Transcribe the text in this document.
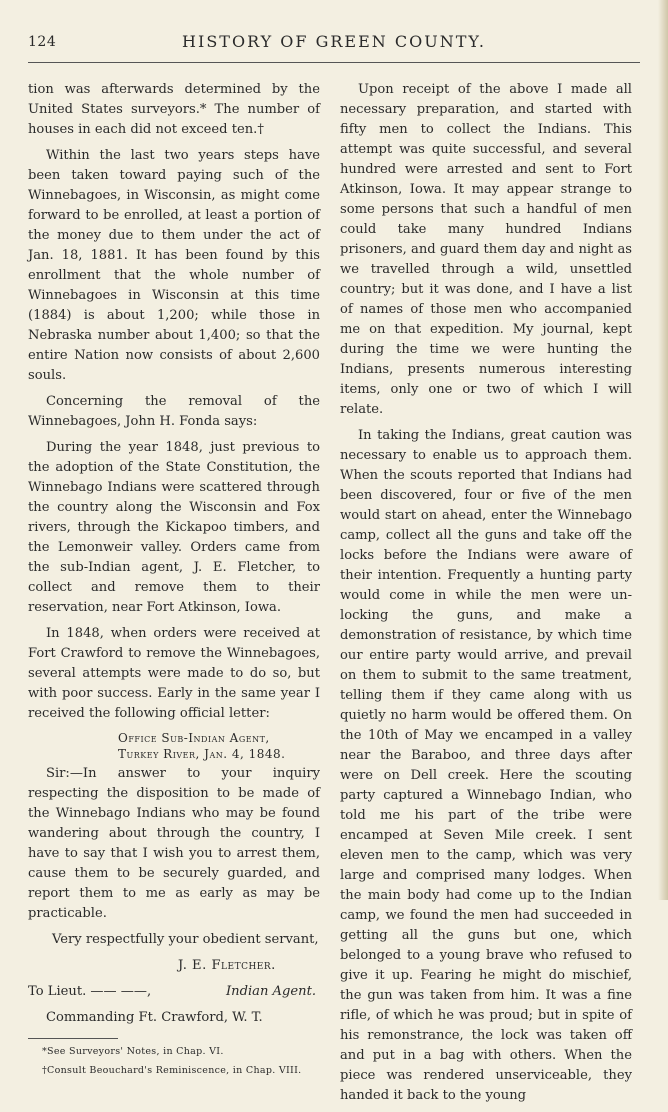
124	HISTORY OF GREEN COUNTY.

tion was afterwards determined by the United States surveyors.* The number of houses in each did not exceed ten.†

Within the last two years steps have been taken toward paying such of the Winnebagoes, in Wisconsin, as might come forward to be enrolled, at least a portion of the money due to them under the act of Jan. 18, 1881. It has been found by this enrollment that the whole number of Winnebagoes in Wisconsin at this time (1884) is about 1,200; while those in Nebraska number about 1,400; so that the entire Nation now consists of about 2,600 souls.

Concerning the removal of the Winnebagoes, John H. Fonda says:

During the year 1848, just previous to the adoption of the State Constitution, the Winnebago Indians were scattered through the country along the Wisconsin and Fox rivers, through the Kickapoo timbers, and the Lemonweir valley. Orders came from the sub-Indian agent, J. E. Fletcher, to collect and remove them to their reservation, near Fort Atkinson, Iowa.

In 1848, when orders were received at Fort Crawford to remove the Winnebagoes, several attempts were made to do so, but with poor success. Early in the same year I received the following official letter:

Office Sub-Indian Agent,
Turkey River, Jan. 4, 1848.

Sir:—In answer to your inquiry respecting the disposition to be made of the Winnebago Indians who may be found wandering about through the country, I have to say that I wish you to arrest them, cause them to be securely guarded, and report them to me as early as may be practicable.

Very respectfully your obedient servant,

J. E. Fletcher.

To Lieut. —— ——,	Indian Agent.

Commanding Ft. Crawford, W. T.

*See Surveyors' Notes, in Chap. VI.

†Consult Beouchard's Reminiscence, in Chap. VIII.

Upon receipt of the above I made all necessary preparation, and started with fifty men to collect the Indians. This attempt was quite successful, and several hundred were arrested and sent to Fort Atkinson, Iowa. It may appear strange to some persons that such a handful of men could take many hundred Indians prisoners, and guard them day and night as we travelled through a wild, unsettled country; but it was done, and I have a list of names of those men who accompanied me on that expedition. My journal, kept during the time we were hunting the Indians, presents numerous interesting items, only one or two of which I will relate.

In taking the Indians, great caution was necessary to enable us to approach them. When the scouts reported that Indians had been discovered, four or five of the men would start on ahead, enter the Winnebago camp, collect all the guns and take off the locks before the Indians were aware of their intention. Frequently a hunting party would come in while the men were un-locking the guns, and make a demonstration of resistance, by which time our entire party would arrive, and prevail on them to submit to the same treatment, telling them if they came along with us quietly no harm would be offered them. On the 10th of May we encamped in a valley near the Baraboo, and three days after were on Dell creek. Here the scouting party captured a Winnebago Indian, who told me his part of the tribe were encamped at Seven Mile creek. I sent eleven men to the camp, which was very large and comprised many lodges. When the main body had come up to the Indian camp, we found the men had succeeded in getting all the guns but one, which belonged to a young brave who refused to give it up. Fearing he might do mischief, the gun was taken from him. It was a fine rifle, of which he was proud; but in spite of his remonstrance, the lock was taken off and put in a bag with others. When the piece was rendered unserviceable, they handed it back to the young
